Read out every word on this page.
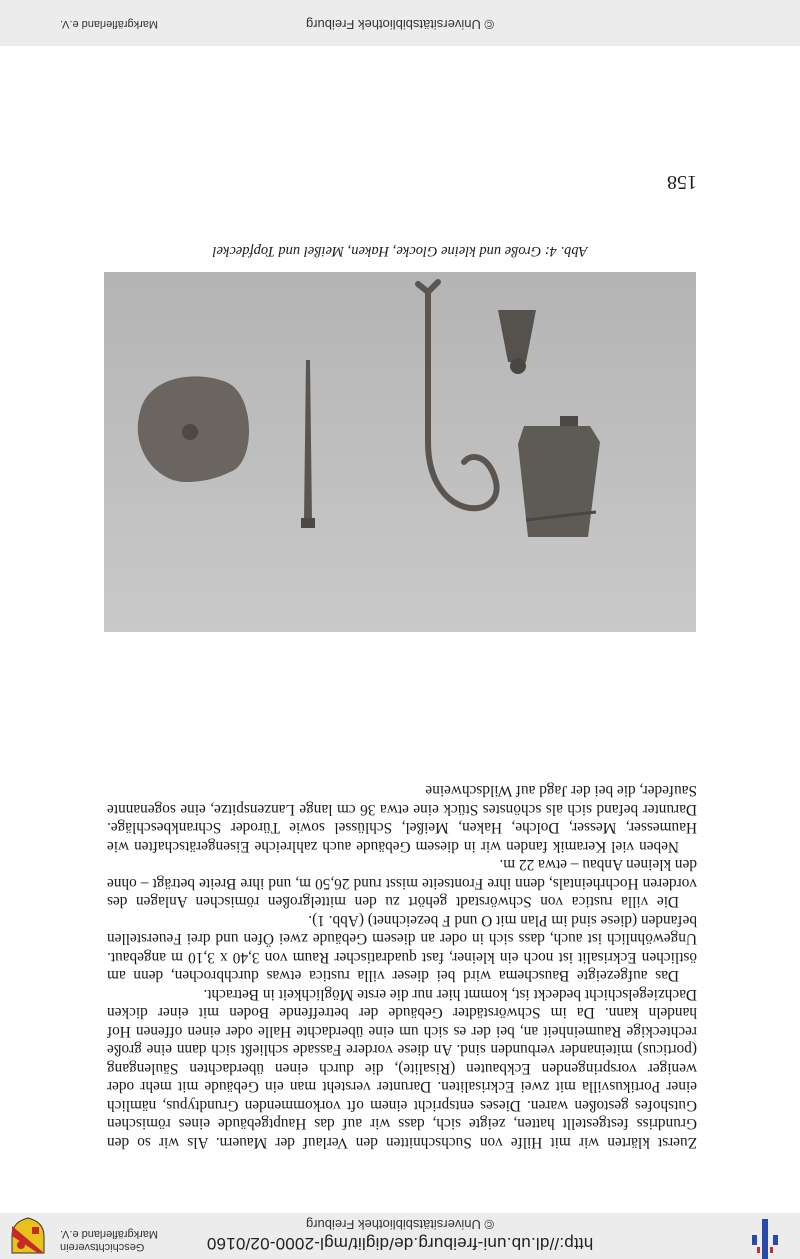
http://dl.ub.uni-freiburg.de/diglit/mgl-2000-02/0160
© Universitätsbibliothek Freiburg
Geschichtsverein
Markgräflerland e.V.

Zuerst klärten wir mit Hilfe von Suchschnitten den Verlauf der Mauern. Als wir so den Grundriss festgestellt hatten, zeigte sich, dass wir auf das Hauptgebäude eines römischen Gutshofes gestoßen waren. Dieses entspricht einem oft vorkommenden Grundtypus, nämlich einer Portikusvilla mit zwei Eckrisaliten. Darunter versteht man ein Gebäude mit mehr oder weniger vorspringenden Eckbauten (Risalite), die durch einen überdachten Säulengang (porticus) miteinander verbunden sind. An diese vordere Fassade schließt sich dann eine große rechteckige Raumeinheit an, bei der es sich um eine überdachte Halle oder einen offenen Hof handeln kann. Da im Schwörstädter Gebäude der betreffende Boden mit einer dicken Dachziegelschicht bedeckt ist, kommt hier nur die erste Möglichkeit in Betracht.

Das aufgezeigte Bauschema wird bei dieser villa rustica etwas durchbrochen, denn am östlichen Eckrisalit ist noch ein kleiner, fast quadratischer Raum von 3,40 x 3,10 m angebaut. Ungewöhnlich ist auch, dass sich in oder an diesem Gebäude zwei Öfen und drei Feuerstellen befanden (diese sind im Plan mit O und F bezeichnet) (Abb. 1).

Die villa rustica von Schwörstadt gehört zu den mittelgroßen römischen Anlagen des vorderen Hochrheintals, denn ihre Frontseite misst rund 26,50 m, und ihre Breite beträgt – ohne den kleinen Anbau – etwa 22 m.

Neben viel Keramik fanden wir in diesem Gebäude auch zahlreiche Eisengerätschaften wie Haumesser, Messer, Dolche, Haken, Meißel, Schlüssel sowie Türoder Schrankbeschläge. Darunter befand sich als schönstes Stück eine etwa 36 cm lange Lanzenspitze, eine sogenannte Saufeder, die bei der Jagd auf Wildschweine

Abb. 4: Große und kleine Glocke, Haken, Meißel und Topfdeckel
158
© Universitätsbibliothek Freiburg
Markgräflerland e.V.
